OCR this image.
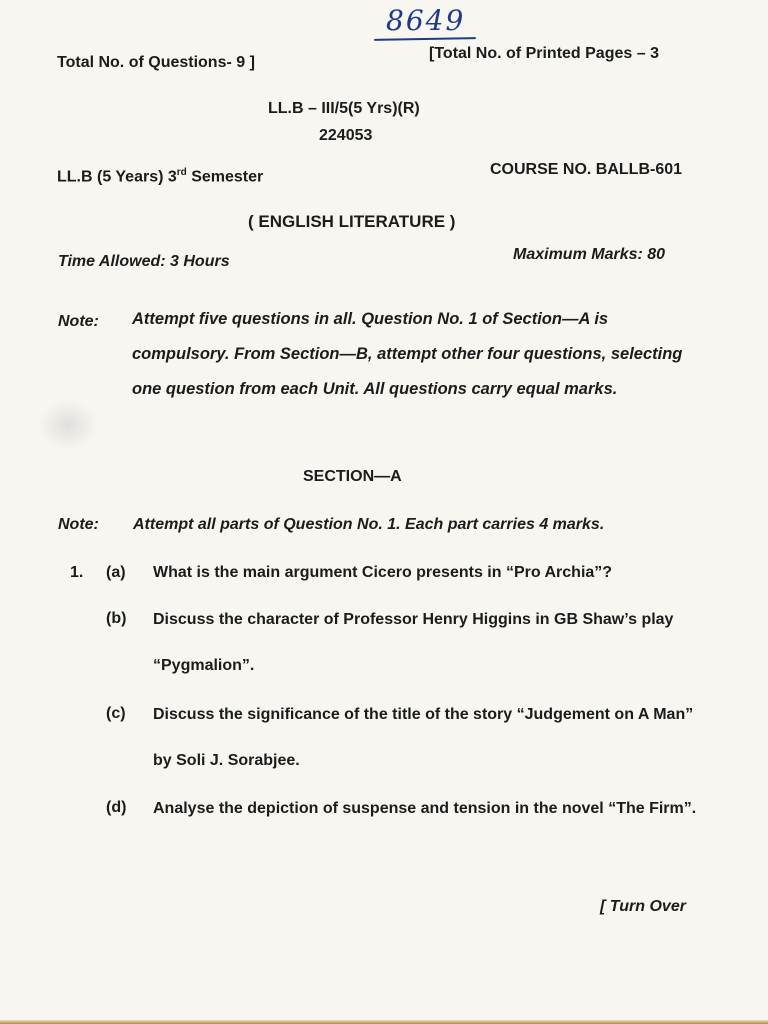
8649
Total No. of Questions- 9 ]
[Total No. of Printed Pages – 3
LL.B – III/5(5 Yrs)(R)
224053
LL.B (5 Years) 3rd Semester	COURSE NO. BALLB-601
( ENGLISH LITERATURE )
Time Allowed: 3 Hours	Maximum Marks: 80
Note: Attempt five questions in all. Question No. 1 of Section—A is compulsory. From Section—B, attempt other four questions, selecting one question from each Unit. All questions carry equal marks.
SECTION—A
Note: Attempt all parts of Question No. 1. Each part carries 4 marks.
1. (a) What is the main argument Cicero presents in “Pro Archia”?
(b) Discuss the character of Professor Henry Higgins in GB Shaw’s play “Pygmalion”.
(c) Discuss the significance of the title of the story “Judgement on A Man” by Soli J. Sorabjee.
(d) Analyse the depiction of suspense and tension in the novel “The Firm”.
[ Turn Over
